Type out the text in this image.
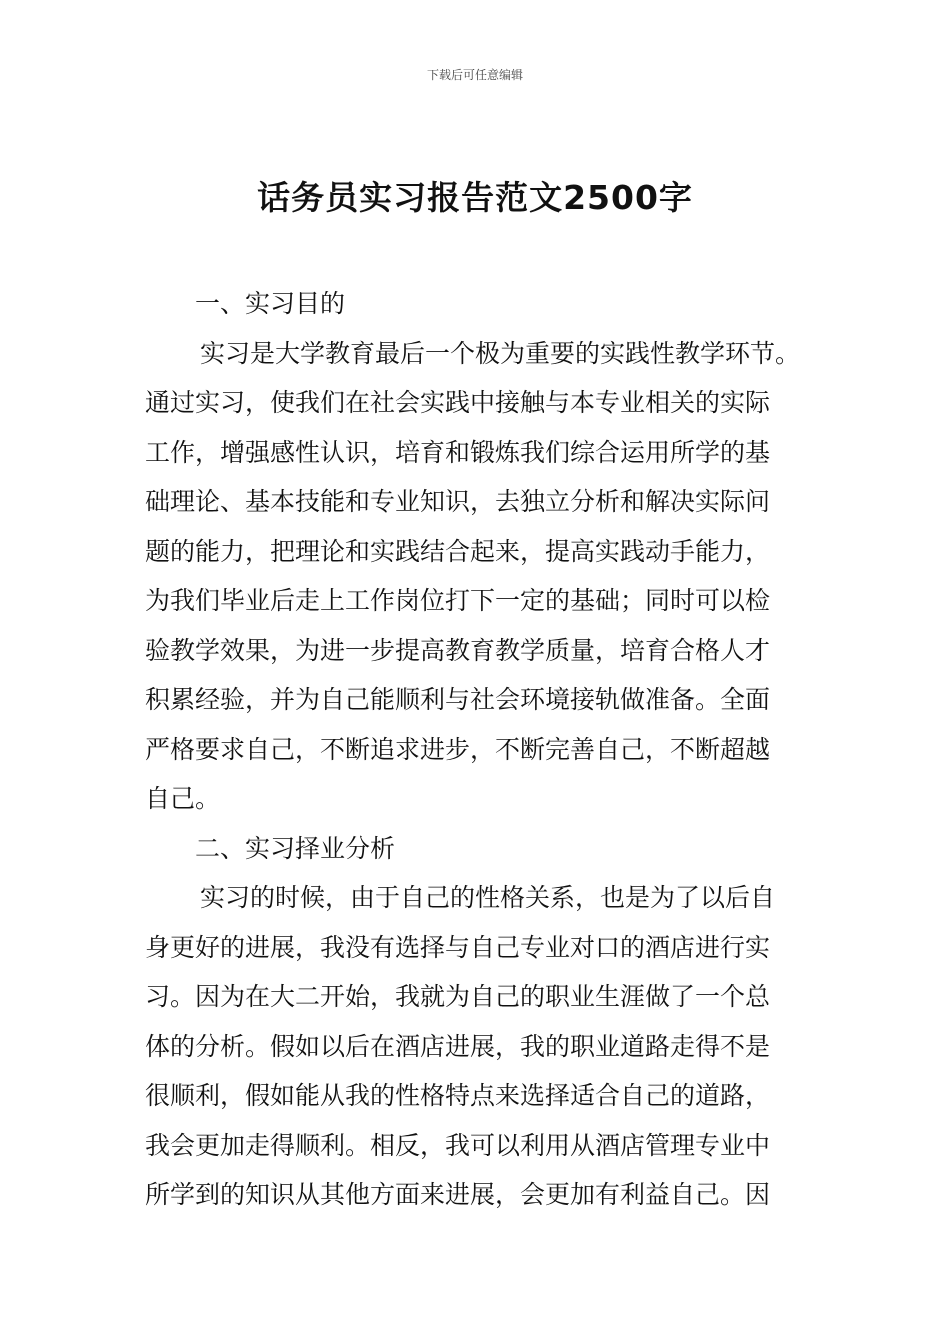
下载后可任意编辑
话务员实习报告范文2500字
一、实习目的
实习是大学教育最后一个极为重要的实践性教学环节。
通过实习，使我们在社会实践中接触与本专业相关的实际
工作，增强感性认识，培育和锻炼我们综合运用所学的基
础理论、基本技能和专业知识，去独立分析和解决实际问
题的能力，把理论和实践结合起来，提高实践动手能力，
为我们毕业后走上工作岗位打下一定的基础；同时可以检
验教学效果，为进一步提高教育教学质量，培育合格人才
积累经验，并为自己能顺利与社会环境接轨做准备。全面
严格要求自己，不断追求进步，不断完善自己，不断超越
自己。
二、实习择业分析
实习的时候，由于自己的性格关系，也是为了以后自
身更好的进展，我没有选择与自己专业对口的酒店进行实
习。因为在大二开始，我就为自己的职业生涯做了一个总
体的分析。假如以后在酒店进展，我的职业道路走得不是
很顺利，假如能从我的性格特点来选择适合自己的道路，
我会更加走得顺利。相反，我可以利用从酒店管理专业中
所学到的知识从其他方面来进展，会更加有利益自己。因
